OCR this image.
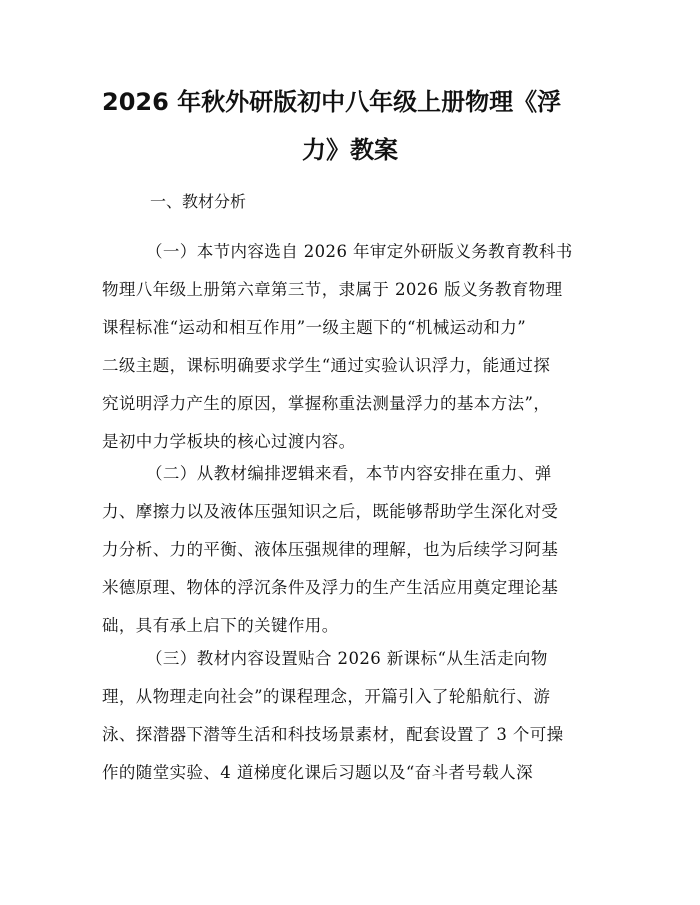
2026 年秋外研版初中八年级上册物理《浮
力》教案
一、教材分析
（一）本节内容选自 2026 年审定外研版义务教育教科书
物理八年级上册第六章第三节，隶属于 2026 版义务教育物理
课程标准“运动和相互作用”一级主题下的“机械运动和力”
二级主题，课标明确要求学生“通过实验认识浮力，能通过探
究说明浮力产生的原因，掌握称重法测量浮力的基本方法”，
是初中力学板块的核心过渡内容。
（二）从教材编排逻辑来看，本节内容安排在重力、弹
力、摩擦力以及液体压强知识之后，既能够帮助学生深化对受
力分析、力的平衡、液体压强规律的理解，也为后续学习阿基
米德原理、物体的浮沉条件及浮力的生产生活应用奠定理论基
础，具有承上启下的关键作用。
（三）教材内容设置贴合 2026 新课标“从生活走向物
理，从物理走向社会”的课程理念，开篇引入了轮船航行、游
泳、探潜器下潜等生活和科技场景素材，配套设置了 3 个可操
作的随堂实验、4 道梯度化课后习题以及“奋斗者号载人深
